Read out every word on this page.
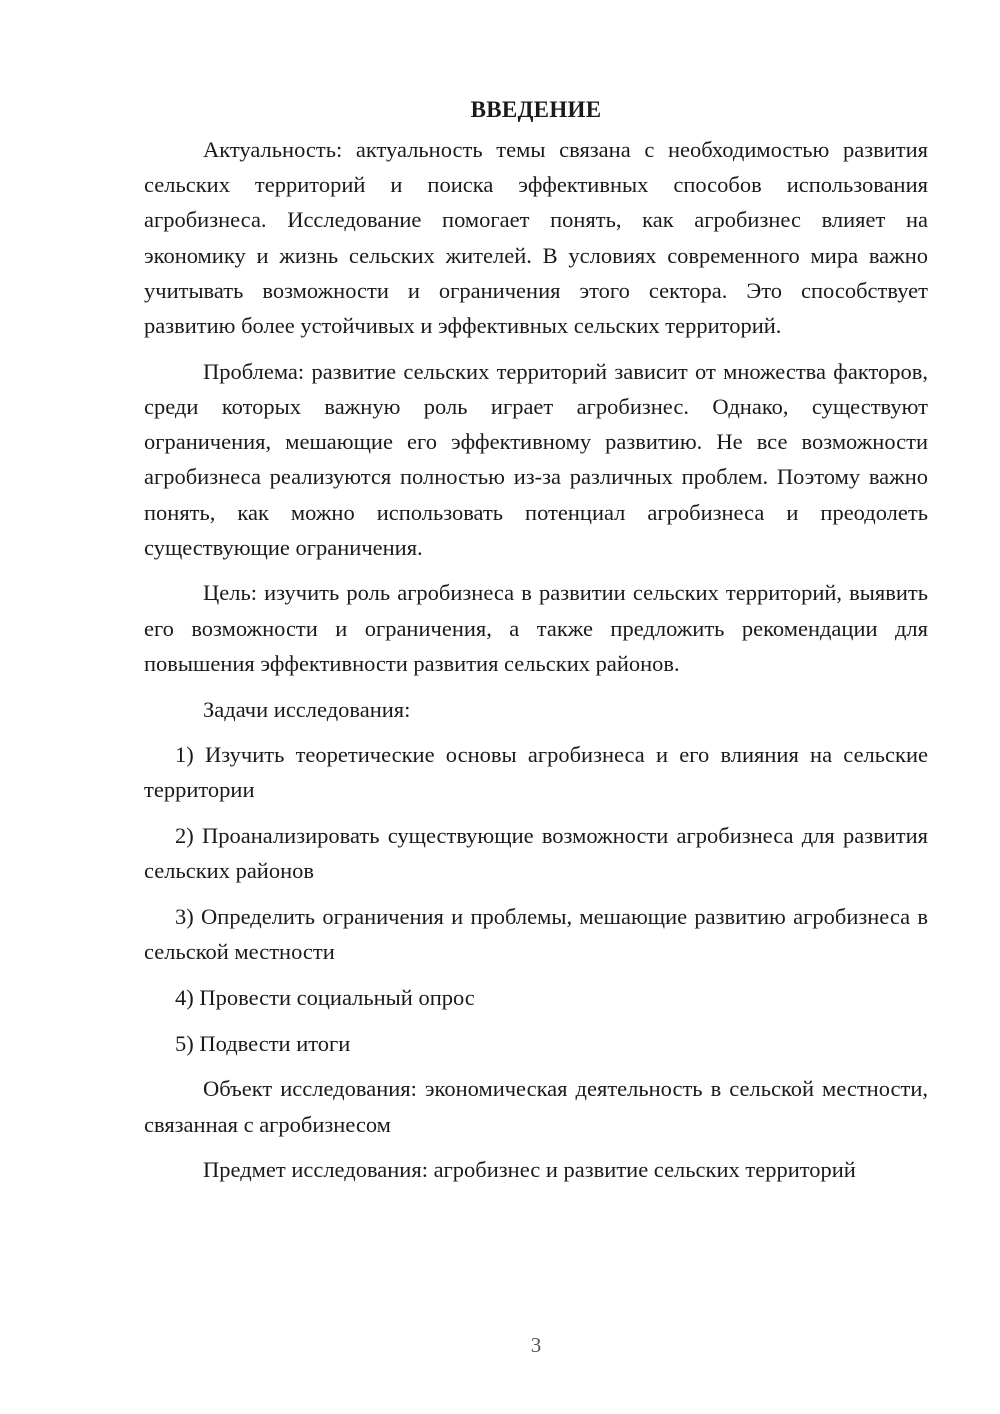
ВВЕДЕНИЕ

Актуальность: актуальность темы связана с необходимостью развития сельских территорий и поиска эффективных способов использования агробизнеса. Исследование помогает понять, как агробизнес влияет на экономику и жизнь сельских жителей. В условиях современного мира важно учитывать возможности и ограничения этого сектора. Это способствует развитию более устойчивых и эффективных сельских территорий.

Проблема: развитие сельских территорий зависит от множества факторов, среди которых важную роль играет агробизнес. Однако, существуют ограничения, мешающие его эффективному развитию. Не все возможности агробизнеса реализуются полностью из-за различных проблем. Поэтому важно понять, как можно использовать потенциал агробизнеса и преодолеть существующие ограничения.

Цель: изучить роль агробизнеса в развитии сельских территорий, выявить его возможности и ограничения, а также предложить рекомендации для повышения эффективности развития сельских районов.

Задачи исследования:

1) Изучить теоретические основы агробизнеса и его влияния на сельские территории

2) Проанализировать существующие возможности агробизнеса для развития сельских районов

3) Определить ограничения и проблемы, мешающие развитию агробизнеса в сельской местности

4) Провести социальный опрос

5) Подвести итоги

Объект исследования: экономическая деятельность в сельской местности, связанная с агробизнесом

Предмет исследования: агробизнес и развитие сельских территорий

3
